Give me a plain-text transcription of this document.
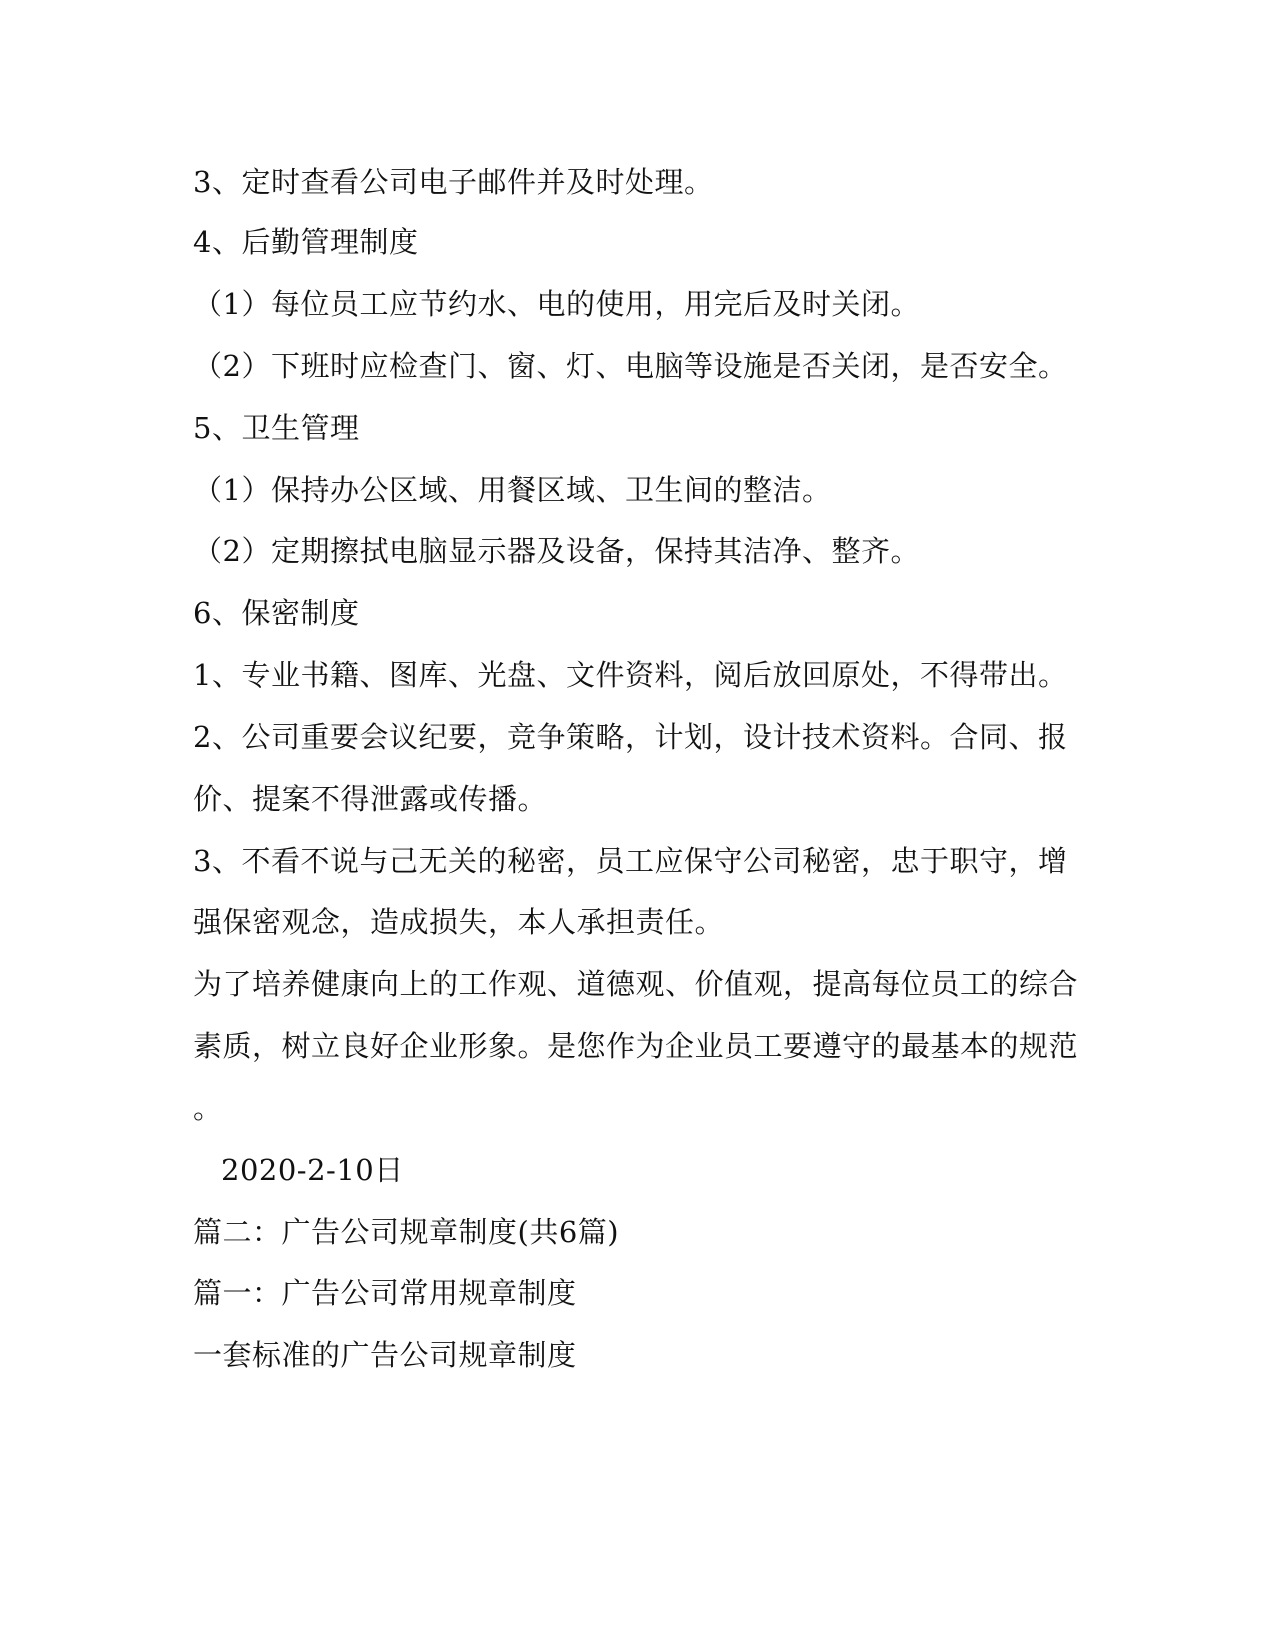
3、定时查看公司电子邮件并及时处理。
4、后勤管理制度
（1）每位员工应节约水、电的使用，用完后及时关闭。
（2）下班时应检查门、窗、灯、电脑等设施是否关闭，是否安全。
5、卫生管理
（1）保持办公区域、用餐区域、卫生间的整洁。
（2）定期擦拭电脑显示器及设备，保持其洁净、整齐。
6、保密制度
1、专业书籍、图库、光盘、文件资料，阅后放回原处，不得带出。
2、公司重要会议纪要，竞争策略，计划，设计技术资料。合同、报
价、提案不得泄露或传播。
3、不看不说与己无关的秘密，员工应保守公司秘密，忠于职守，增
强保密观念，造成损失，本人承担责任。
为了培养健康向上的工作观、道德观、价值观，提高每位员工的综合
素质，树立良好企业形象。是您作为企业员工要遵守的最基本的规范
。
2020-2-10日
篇二：广告公司规章制度(共6篇)
篇一：广告公司常用规章制度
一套标准的广告公司规章制度
